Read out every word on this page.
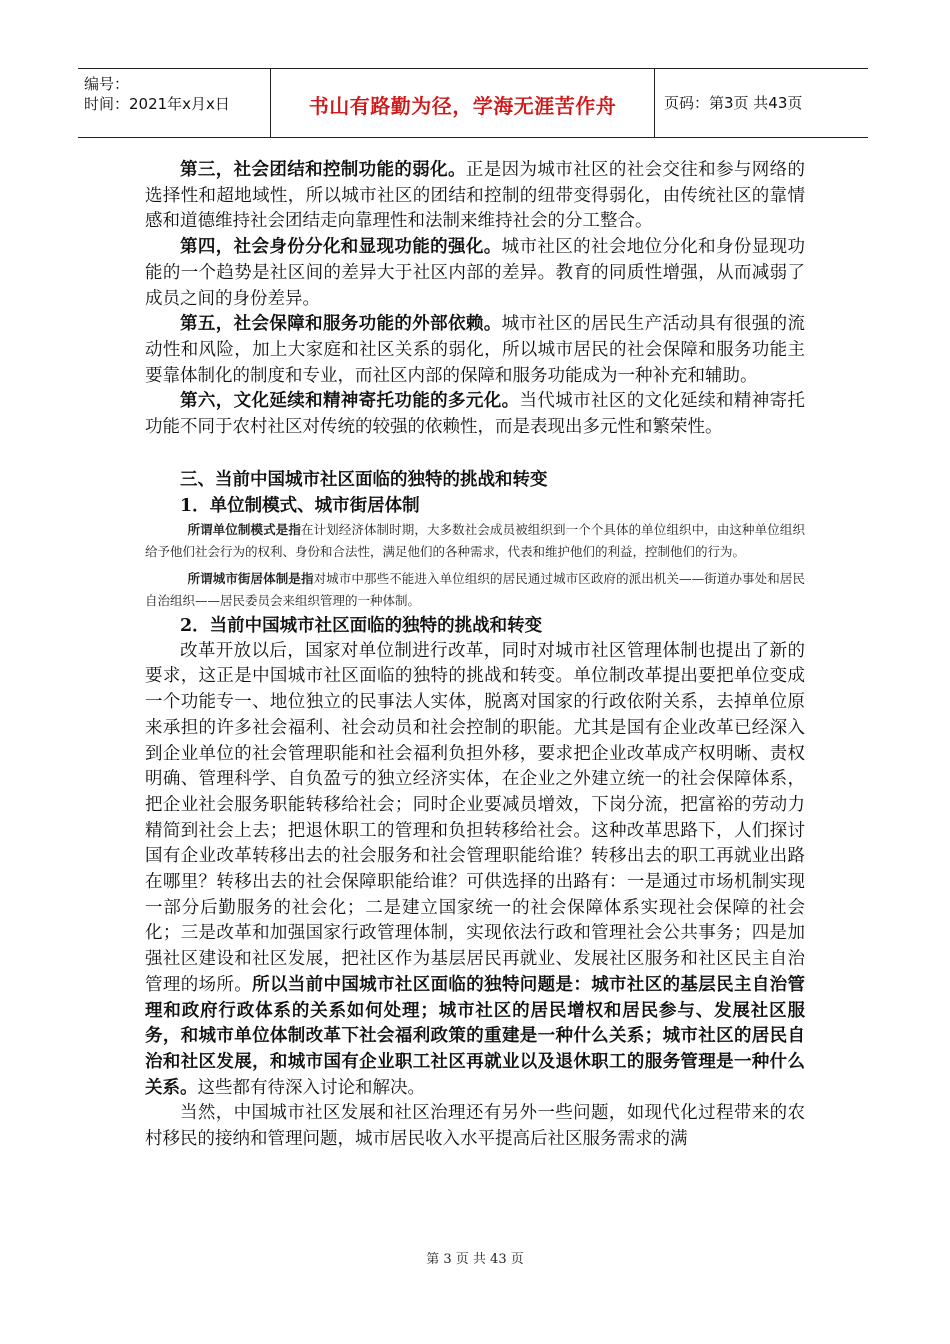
编号：
时间：2021年x月x日	书山有路勤为径，学海无涯苦作舟	页码：第3页 共43页

第三，社会团结和控制功能的弱化。正是因为城市社区的社会交往和参与网络的选择性和超地域性，所以城市社区的团结和控制的纽带变得弱化，由传统社区的靠情感和道德维持社会团结走向靠理性和法制来维持社会的分工整合。

第四，社会身份分化和显现功能的强化。城市社区的社会地位分化和身份显现功能的一个趋势是社区间的差异大于社区内部的差异。教育的同质性增强，从而减弱了成员之间的身份差异。

第五，社会保障和服务功能的外部依赖。城市社区的居民生产活动具有很强的流动性和风险，加上大家庭和社区关系的弱化，所以城市居民的社会保障和服务功能主要靠体制化的制度和专业，而社区内部的保障和服务功能成为一种补充和辅助。

第六，文化延续和精神寄托功能的多元化。当代城市社区的文化延续和精神寄托功能不同于农村社区对传统的较强的依赖性，而是表现出多元性和繁荣性。

三、当前中国城市社区面临的独特的挑战和转变

1．单位制模式、城市街居体制

所谓单位制模式是指在计划经济体制时期，大多数社会成员被组织到一个个具体的单位组织中，由这种单位组织给予他们社会行为的权利、身份和合法性，满足他们的各种需求，代表和维护他们的利益，控制他们的行为。

所谓城市街居体制是指对城市中那些不能进入单位组织的居民通过城市区政府的派出机关——街道办事处和居民自治组织——居民委员会来组织管理的一种体制。

2．当前中国城市社区面临的独特的挑战和转变

改革开放以后，国家对单位制进行改革，同时对城市社区管理体制也提出了新的要求，这正是中国城市社区面临的独特的挑战和转变。单位制改革提出要把单位变成一个功能专一、地位独立的民事法人实体，脱离对国家的行政依附关系，去掉单位原来承担的许多社会福利、社会动员和社会控制的职能。尤其是国有企业改革已经深入到企业单位的社会管理职能和社会福利负担外移，要求把企业改革成产权明晰、责权明确、管理科学、自负盈亏的独立经济实体，在企业之外建立统一的社会保障体系，把企业社会服务职能转移给社会；同时企业要减员增效，下岗分流，把富裕的劳动力精简到社会上去；把退休职工的管理和负担转移给社会。这种改革思路下，人们探讨国有企业改革转移出去的社会服务和社会管理职能给谁？转移出去的职工再就业出路在哪里？转移出去的社会保障职能给谁？可供选择的出路有：一是通过市场机制实现一部分后勤服务的社会化；二是建立国家统一的社会保障体系实现社会保障的社会化；三是改革和加强国家行政管理体制，实现依法行政和管理社会公共事务；四是加强社区建设和社区发展，把社区作为基层居民再就业、发展社区服务和社区民主自治管理的场所。所以当前中国城市社区面临的独特问题是：城市社区的基层民主自治管理和政府行政体系的关系如何处理；城市社区的居民增权和居民参与、发展社区服务，和城市单位体制改革下社会福利政策的重建是一种什么关系；城市社区的居民自治和社区发展，和城市国有企业职工社区再就业以及退休职工的服务管理是一种什么关系。这些都有待深入讨论和解决。

当然，中国城市社区发展和社区治理还有另外一些问题，如现代化过程带来的农村移民的接纳和管理问题，城市居民收入水平提高后社区服务需求的满

第 3 页 共 43 页
